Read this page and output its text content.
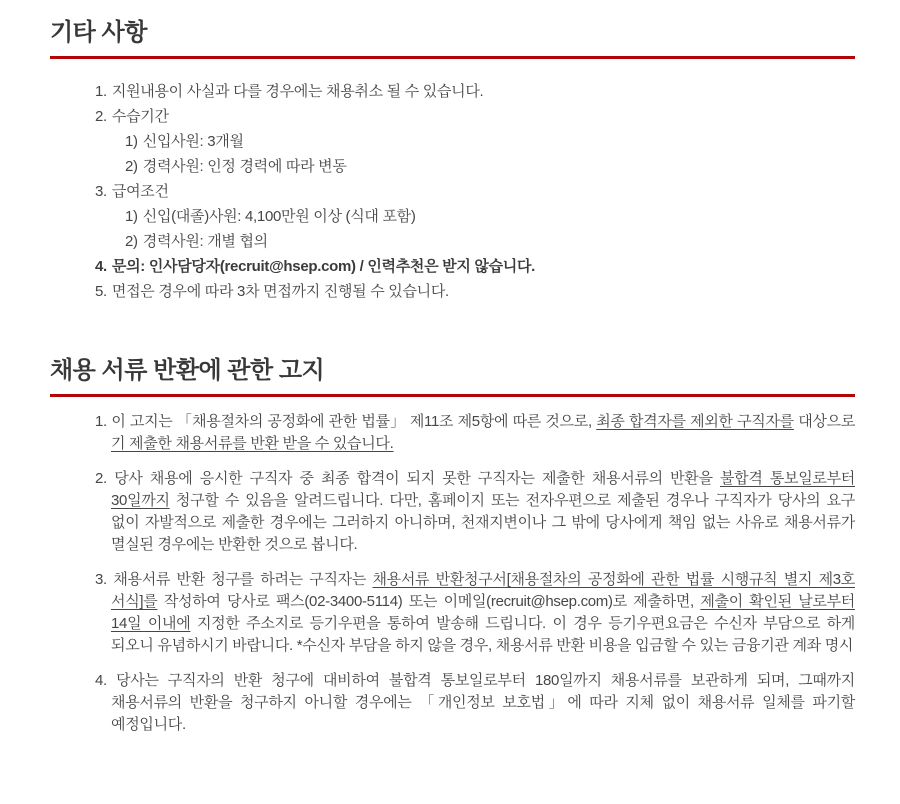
기타 사항
1. 지원내용이 사실과 다를 경우에는 채용취소 될 수 있습니다.
2. 수습기간
1) 신입사원: 3개월
2) 경력사원: 인정 경력에 따라 변동
3. 급여조건
1) 신입(대졸)사원: 4,100만원 이상 (식대 포함)
2) 경력사원: 개별 협의
4. 문의: 인사담당자(recruit@hsep.com) / 인력추천은 받지 않습니다.
5. 면접은 경우에 따라 3차 면접까지 진행될 수 있습니다.
채용 서류 반환에 관한 고지

1. 이 고지는 「채용절차의 공정화에 관한 법률」 제11조 제5항에 따른 것으로, 최종 합격자를 제외한 구직자를 대상으로 기 제출한 채용서류를 반환 받을 수 있습니다.

2. 당사 채용에 응시한 구직자 중 최종 합격이 되지 못한 구직자는 제출한 채용서류의 반환을 불합격 통보일로부터 30일까지 청구할 수 있음을 알려드립니다. 다만, 홈페이지 또는 전자우편으로 제출된 경우나 구직자가 당사의 요구 없이 자발적으로 제출한 경우에는 그러하지 아니하며, 천재지변이나 그 밖에 당사에게 책임 없는 사유로 채용서류가 멸실된 경우에는 반환한 것으로 봅니다.

3. 채용서류 반환 청구를 하려는 구직자는 채용서류 반환청구서[채용절차의 공정화에 관한 법률 시행규칙 별지 제3호 서식]를 작성하여 당사로 팩스(02-3400-5114) 또는 이메일(recruit@hsep.com)로 제출하면, 제출이 확인된 날로부터 14일 이내에 지정한 주소지로 등기우편을 통하여 발송해 드립니다. 이 경우 등기우편요금은 수신자 부담으로 하게 되오니 유념하시기 바랍니다. *수신자 부담을 하지 않을 경우, 채용서류 반환 비용을 입금할 수 있는 금융기관 계좌 명시

4. 당사는 구직자의 반환 청구에 대비하여 불합격 통보일로부터 180일까지 채용서류를 보관하게 되며, 그때까지 채용서류의 반환을 청구하지 아니할 경우에는 「개인정보 보호법」에 따라 지체 없이 채용서류 일체를 파기할 예정입니다.
